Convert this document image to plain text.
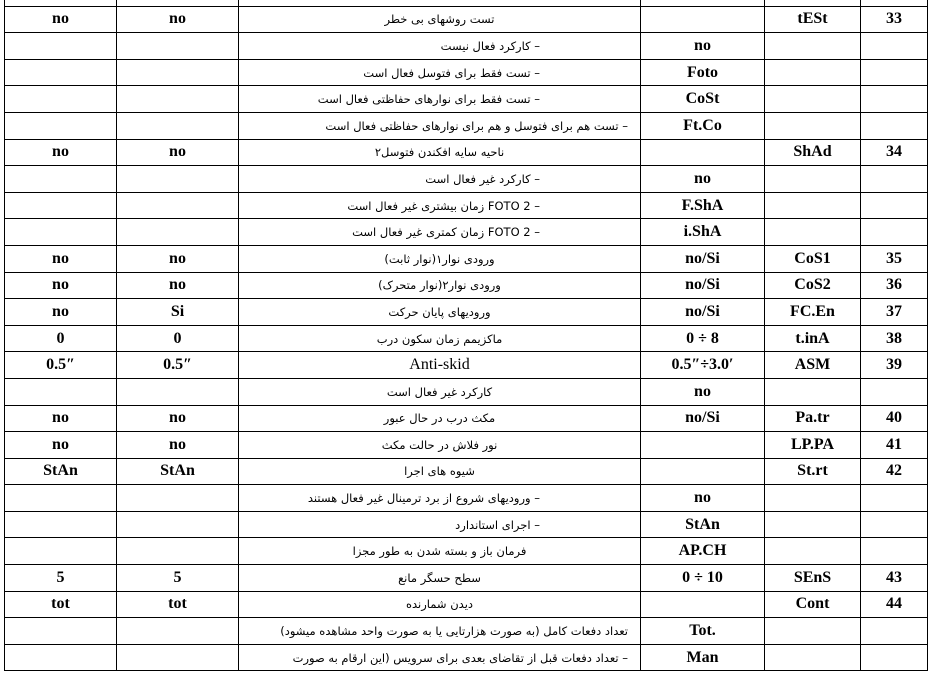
no	no	تست روشهای بی خطر		tESt	33
		– کارکرد فعال نیست	no		
		– تست فقط برای فتوسل فعال است	Foto		
		– تست فقط برای نوارهای حفاظتی فعال است	CoSt		
		– تست هم برای فتوسل و هم برای نوارهای حفاظتی فعال است	Ft.Co		
no	no	ناحیه سایه افکندن فتوسل۲		ShAd	34
		– کارکرد غیر فعال است	no		
		– FOTO 2 زمان بیشتری غیر فعال است	F.ShA		
		– FOTO 2 زمان کمتری غیر فعال است	i.ShA		
no	no	ورودی نوار۱(نوار ثابت)	no/Si	CoS1	35
no	no	ورودی نوار۲(نوار متحرک)	no/Si	CoS2	36
no	Si	ورودیهای پایان حرکت	no/Si	FC.En	37
0	0	ماکزیمم زمان سکون درب	0 ÷ 8	t.inA	38
0.5″	0.5″	Anti-skid	0.5″÷3.0′	ASM	39
		کارکرد غیر فعال است	no		
no	no	مکث درب در حال عبور	no/Si	Pa.tr	40
no	no	نور فلاش در حالت مکث		LP.PA	41
StAn	StAn	شیوه های اجرا		St.rt	42
		– ورودیهای شروع از برد ترمینال غیر فعال هستند	no		
		– اجرای استاندارد	StAn		
		فرمان باز و بسته شدن به طور مجزا	AP.CH		
5	5	سطح حسگر مانع	0 ÷ 10	SEnS	43
tot	tot	دیدن شمارنده		Cont	44
		تعداد دفعات کامل (به صورت هزارتایی یا به صورت واحد مشاهده میشود)	Tot.		
		– تعداد دفعات قبل از تقاضای بعدی برای سرویس (این ارقام به صورت	Man		
